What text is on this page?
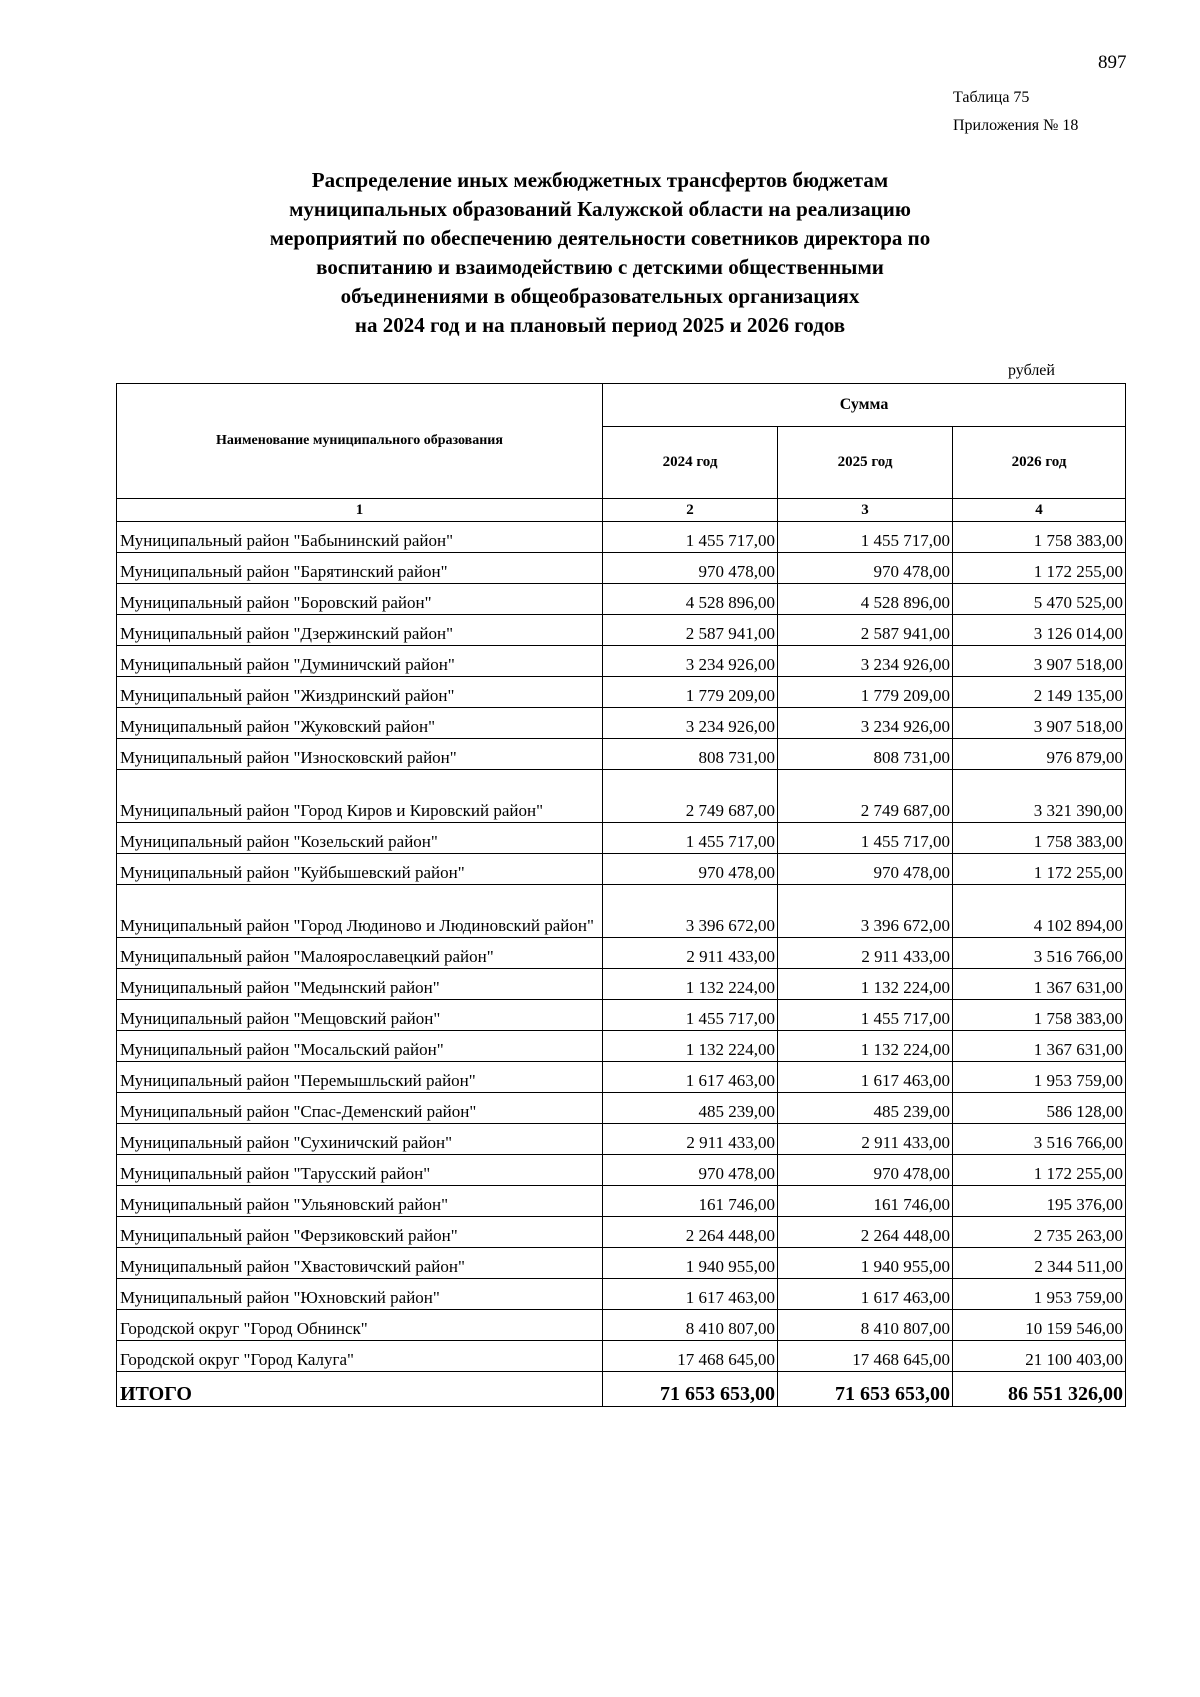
897
Таблица 75
Приложения № 18
Распределение иных межбюджетных трансфертов бюджетам
муниципальных образований Калужской области на реализацию
мероприятий по обеспечению деятельности советников директора по
воспитанию и взаимодействию с детскими общественными
объединениями в общеобразовательных организациях
на 2024 год и на плановый период 2025 и 2026 годов
рублей
Наименование муниципального образования	Сумма		
	2024 год	2025 год	2026 год
1	2	3	4
Муниципальный район "Бабынинский район"	1 455 717,00	1 455 717,00	1 758 383,00
Муниципальный район "Барятинский район"	970 478,00	970 478,00	1 172 255,00
Муниципальный район "Боровский район"	4 528 896,00	4 528 896,00	5 470 525,00
Муниципальный район "Дзержинский район"	2 587 941,00	2 587 941,00	3 126 014,00
Муниципальный район "Думиничский район"	3 234 926,00	3 234 926,00	3 907 518,00
Муниципальный район "Жиздринский район"	1 779 209,00	1 779 209,00	2 149 135,00
Муниципальный район "Жуковский район"	3 234 926,00	3 234 926,00	3 907 518,00
Муниципальный район "Износковский район"	808 731,00	808 731,00	976 879,00
Муниципальный район "Город Киров и Кировский район"	2 749 687,00	2 749 687,00	3 321 390,00
Муниципальный район "Козельский район"	1 455 717,00	1 455 717,00	1 758 383,00
Муниципальный район "Куйбышевский район"	970 478,00	970 478,00	1 172 255,00
Муниципальный район "Город Людиново и Людиновский район"	3 396 672,00	3 396 672,00	4 102 894,00
Муниципальный район "Малоярославецкий район"	2 911 433,00	2 911 433,00	3 516 766,00
Муниципальный район "Медынский район"	1 132 224,00	1 132 224,00	1 367 631,00
Муниципальный район "Мещовский район"	1 455 717,00	1 455 717,00	1 758 383,00
Муниципальный район "Мосальский район"	1 132 224,00	1 132 224,00	1 367 631,00
Муниципальный район "Перемышльский район"	1 617 463,00	1 617 463,00	1 953 759,00
Муниципальный район "Спас-Деменский район"	485 239,00	485 239,00	586 128,00
Муниципальный район "Сухиничский район"	2 911 433,00	2 911 433,00	3 516 766,00
Муниципальный район "Тарусский район"	970 478,00	970 478,00	1 172 255,00
Муниципальный район "Ульяновский район"	161 746,00	161 746,00	195 376,00
Муниципальный район "Ферзиковский район"	2 264 448,00	2 264 448,00	2 735 263,00
Муниципальный район "Хвастовичский район"	1 940 955,00	1 940 955,00	2 344 511,00
Муниципальный район "Юхновский район"	1 617 463,00	1 617 463,00	1 953 759,00
Городской округ "Город Обнинск"	8 410 807,00	8 410 807,00	10 159 546,00
Городской округ "Город Калуга"	17 468 645,00	17 468 645,00	21 100 403,00
ИТОГО	71 653 653,00	71 653 653,00	86 551 326,00
